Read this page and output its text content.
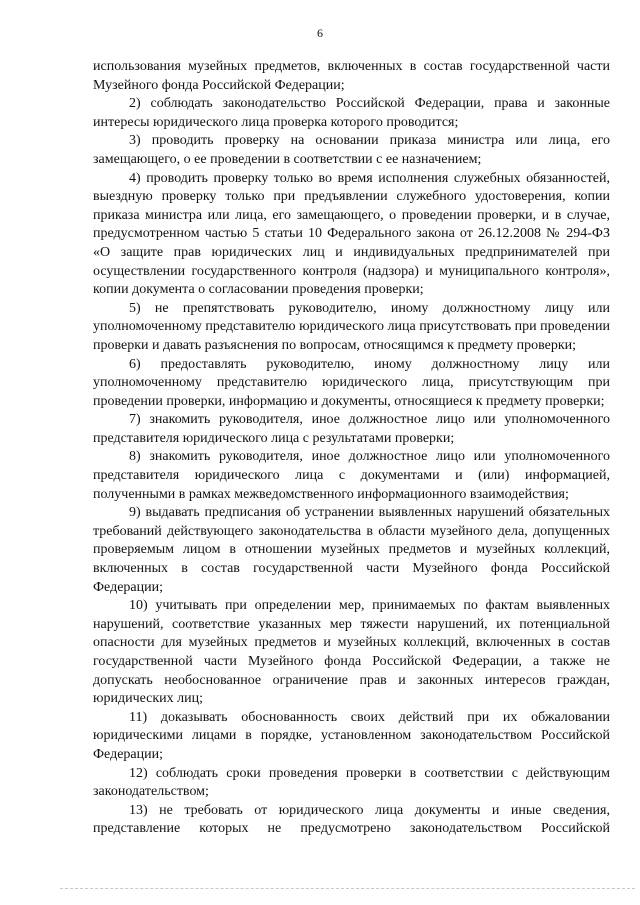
6

использования музейных предметов, включенных в состав государственной части Музейного фонда Российской Федерации;

2) соблюдать законодательство Российской Федерации, права и законные интересы юридического лица проверка которого проводится;

3) проводить проверку на основании приказа министра или лица, его замещающего, о ее проведении в соответствии с ее назначением;

4) проводить проверку только во время исполнения служебных обязанностей, выездную проверку только при предъявлении служебного удостоверения, копии приказа министра или лица, его замещающего, о проведении проверки, и в случае, предусмотренном частью 5 статьи 10 Федерального закона от 26.12.2008 № 294-ФЗ «О защите прав юридических лиц и индивидуальных предпринимателей при осуществлении государственного контроля (надзора) и муниципального контроля», копии документа о согласовании проведения проверки;

5) не препятствовать руководителю, иному должностному лицу или уполномоченному представителю юридического лица присутствовать при проведении проверки и давать разъяснения по вопросам, относящимся к предмету проверки;

6) предоставлять руководителю, иному должностному лицу или уполномоченному представителю юридического лица, присутствующим при проведении проверки, информацию и документы, относящиеся к предмету проверки;

7) знакомить руководителя, иное должностное лицо или уполномоченного представителя юридического лица с результатами проверки;

8) знакомить руководителя, иное должностное лицо или уполномоченного представителя юридического лица с документами и (или) информацией, полученными в рамках межведомственного информационного взаимодействия;

9) выдавать предписания об устранении выявленных нарушений обязательных требований действующего законодательства в области музейного дела, допущенных проверяемым лицом в отношении музейных предметов и музейных коллекций, включенных в состав государственной части Музейного фонда Российской Федерации;

10) учитывать при определении мер, принимаемых по фактам выявленных нарушений, соответствие указанных мер тяжести нарушений, их потенциальной опасности для музейных предметов и музейных коллекций, включенных в состав государственной части Музейного фонда Российской Федерации, а также не допускать необоснованное ограничение прав и законных интересов граждан, юридических лиц;

11) доказывать обоснованность своих действий при их обжаловании юридическими лицами в порядке, установленном законодательством Российской Федерации;

12) соблюдать сроки проведения проверки в соответствии с действующим законодательством;

13) не требовать от юридического лица документы и иные сведения, представление которых не предусмотрено законодательством Российской
